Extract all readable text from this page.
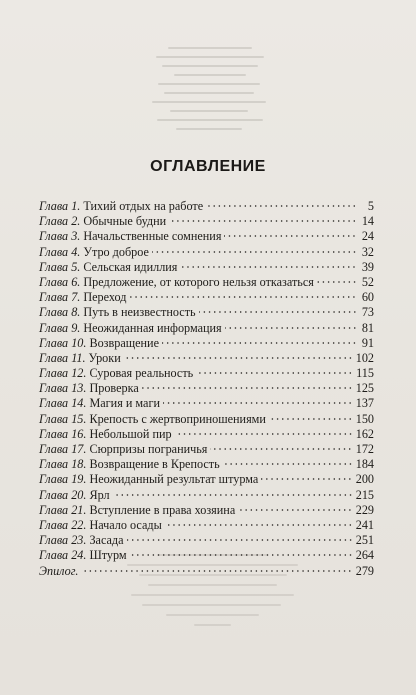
ОГЛАВЛЕНИЕ
Глава 1. Тихий отдых на работе	5
Глава 2. Обычные будни	14
Глава 3. Начальственные сомнения	24
Глава 4. Утро доброе	32
Глава 5. Сельская идиллия	39
Глава 6. Предложение, от которого нельзя отказаться	52
Глава 7. Переход	60
Глава 8. Путь в неизвестность	73
Глава 9. Неожиданная информация	81
Глава 10. Возвращение	91
Глава 11. Уроки	102
Глава 12. Суровая реальность	115
Глава 13. Проверка	125
Глава 14. Магия и маги	137
Глава 15. Крепость с жертвоприношениями	150
Глава 16. Небольшой пир	162
Глава 17. Сюрпризы пограничья	172
Глава 18. Возвращение в Крепость	184
Глава 19. Неожиданный результат штурма	200
Глава 20. Ярл	215
Глава 21. Вступление в права хозяина	229
Глава 22. Начало осады	241
Глава 23. Засада	251
Глава 24. Штурм	264
Эпилог.	279
